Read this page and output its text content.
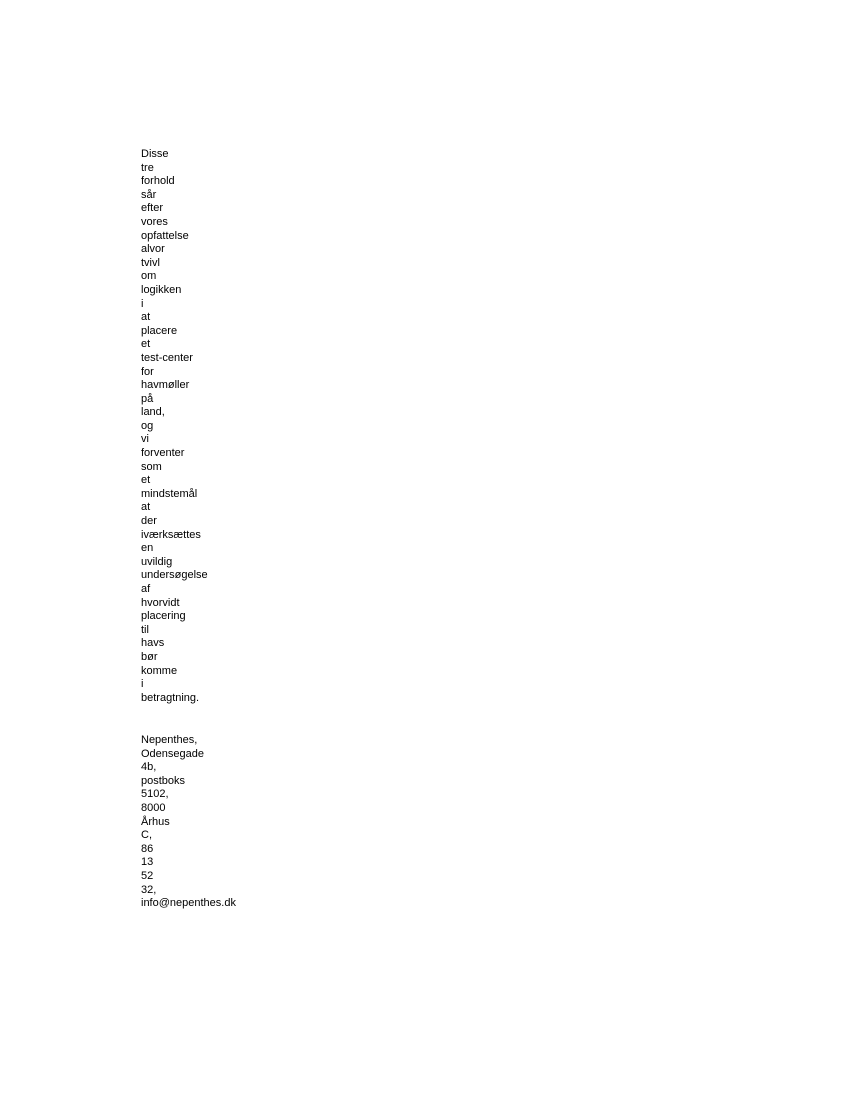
Disse
tre
forhold
sår
efter
vores
opfattelse
alvor
tvivl
om
logikken
i
at
placere
et
test-center
for
havmøller
på
land,
og
vi
forventer
som
et
mindstemål
at
der
iværksættes
en
uvildig
undersøgelse
af
hvorvidt
placering
til
havs
bør
komme
i
betragtning.
Nepenthes,
Odensegade
4b,
postboks
5102,
8000
Århus
C,
86
13
52
32,
info@nepenthes.dk
